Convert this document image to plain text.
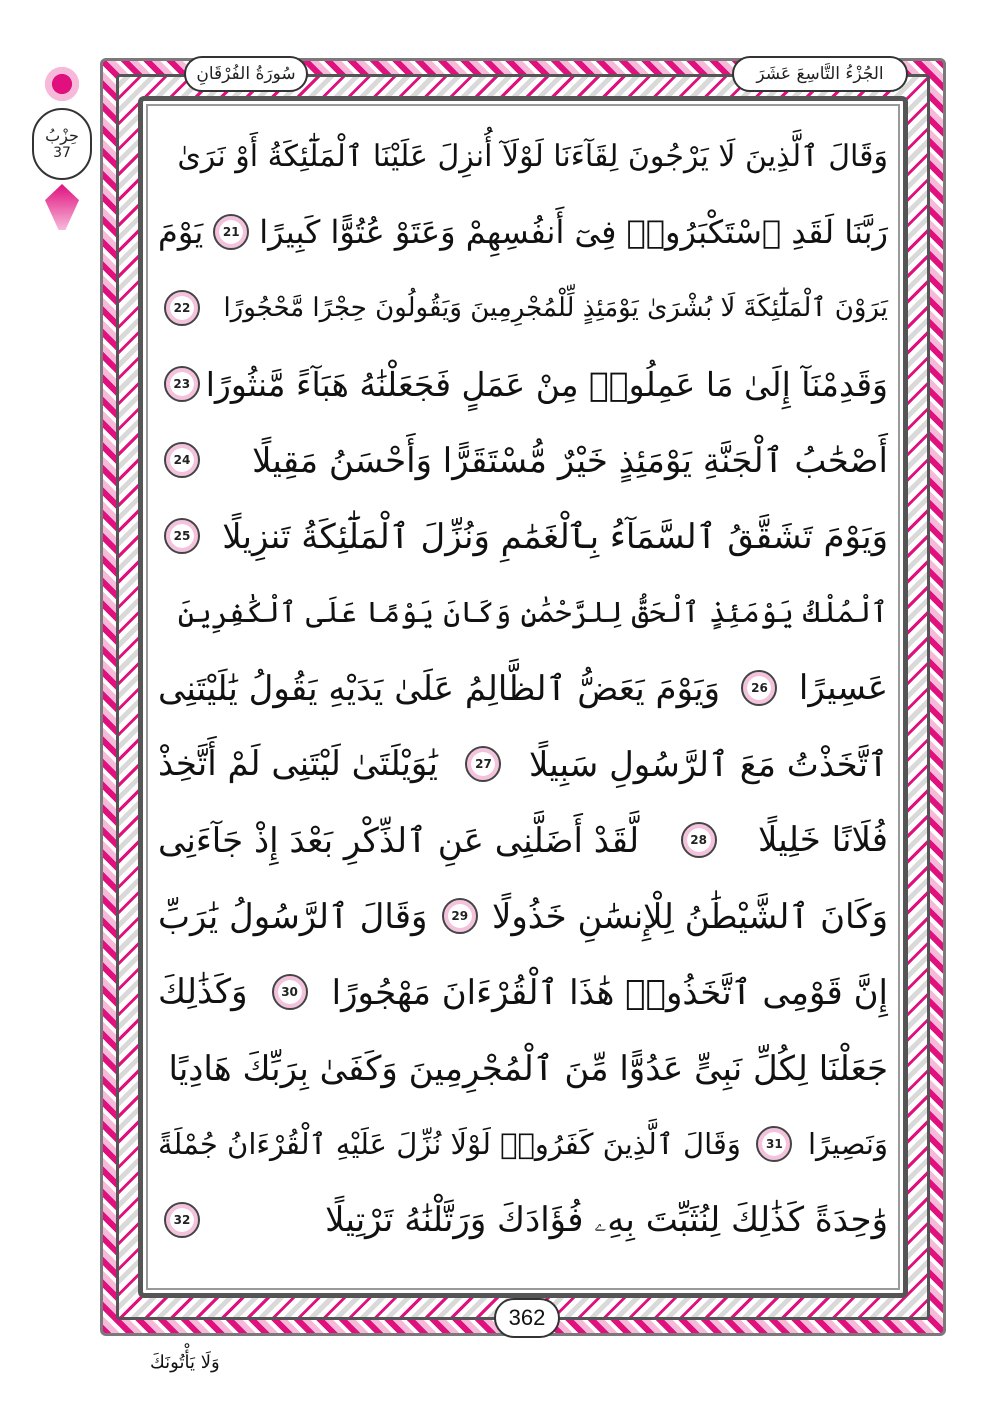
الجُزْءُ التَّاسِعَ عَشَرَ
سُورَةُ الفُرْقَانِ
حِزْبُ
37	وَقَالَ ٱلَّذِينَ لَا يَرْجُونَ لِقَآءَنَا لَوْلَآ أُنزِلَ عَلَيْنَا ٱلْمَلَٰٓئِكَةُ أَوْ نَرَىٰ
رَبَّنَا لَقَدِ ٱسْتَكْبَرُوا۟ فِىٓ أَنفُسِهِمْ وَعَتَوْ عُتُوًّا كَبِيرًا
21
يَوْمَ
يَرَوْنَ ٱلْمَلَٰٓئِكَةَ لَا بُشْرَىٰ يَوْمَئِذٍ لِّلْمُجْرِمِينَ وَيَقُولُونَ حِجْرًا مَّحْجُورًا
22
وَقَدِمْنَآ إِلَىٰ مَا عَمِلُوا۟ مِنْ عَمَلٍ فَجَعَلْنَٰهُ هَبَآءً مَّنثُورًا
23
أَصْحَٰبُ ٱلْجَنَّةِ يَوْمَئِذٍ خَيْرٌ مُّسْتَقَرًّا وَأَحْسَنُ مَقِيلًا
24
وَيَوْمَ تَشَقَّقُ ٱلسَّمَآءُ بِٱلْغَمَٰمِ وَنُزِّلَ ٱلْمَلَٰٓئِكَةُ تَنزِيلًا
25
ٱلْمُلْكُ يَوْمَئِذٍ ٱلْحَقُّ لِلرَّحْمَٰنِ وَكَانَ يَوْمًا عَلَى ٱلْكَٰفِرِينَ
عَسِيرًا
26
وَيَوْمَ يَعَضُّ ٱلظَّالِمُ عَلَىٰ يَدَيْهِ يَقُولُ يَٰلَيْتَنِى
ٱتَّخَذْتُ مَعَ ٱلرَّسُولِ سَبِيلًا
27
يَٰوَيْلَتَىٰ لَيْتَنِى لَمْ أَتَّخِذْ
فُلَانًا خَلِيلًا
28
لَّقَدْ أَضَلَّنِى عَنِ ٱلذِّكْرِ بَعْدَ إِذْ جَآءَنِى
وَكَانَ ٱلشَّيْطَٰنُ لِلْإِنسَٰنِ خَذُولًا
29
وَقَالَ ٱلرَّسُولُ يَٰرَبِّ
إِنَّ قَوْمِى ٱتَّخَذُوا۟ هَٰذَا ٱلْقُرْءَانَ مَهْجُورًا
30
وَكَذَٰلِكَ
جَعَلْنَا لِكُلِّ نَبِىٍّ عَدُوًّا مِّنَ ٱلْمُجْرِمِينَ وَكَفَىٰ بِرَبِّكَ هَادِيًا
وَنَصِيرًا
31
وَقَالَ ٱلَّذِينَ كَفَرُوا۟ لَوْلَا نُزِّلَ عَلَيْهِ ٱلْقُرْءَانُ جُمْلَةً
وَٰحِدَةً كَذَٰلِكَ لِنُثَبِّتَ بِهِۦ فُؤَادَكَ وَرَتَّلْنَٰهُ تَرْتِيلًا
32
362
وَلَا يَأْتُونَكَ
